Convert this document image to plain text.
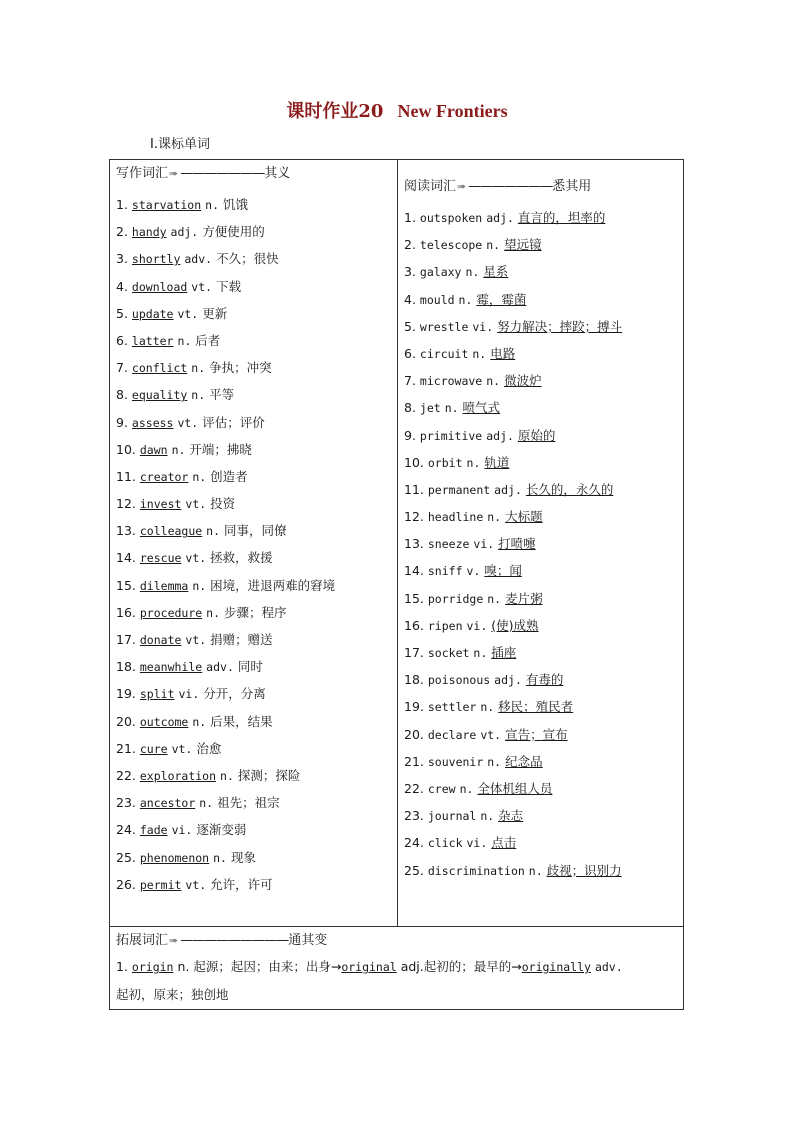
课时作业20 New Frontiers
Ⅰ.课标单词
写作词汇➠ ———————其义
1. starvation n. 饥饿
2. handy adj. 方便使用的
3. shortly adv. 不久；很快
4. download vt. 下载
5. update vt. 更新
6. latter n. 后者
7. conflict n. 争执；冲突
8. equality n. 平等
9. assess vt. 评估；评价
10. dawn n. 开端；拂晓
11. creator n. 创造者
12. invest vt. 投资
13. colleague n. 同事，同僚
14. rescue vt. 拯救，救援
15. dilemma n. 困境，进退两难的窘境
16. procedure n. 步骤；程序
17. donate vt. 捐赠；赠送
18. meanwhile adv. 同时
19. split vi. 分开，分离
20. outcome n. 后果，结果
21. cure vt. 治愈
22. exploration n. 探测；探险
23. ancestor n. 祖先；祖宗
24. fade vi. 逐渐变弱
25. phenomenon n. 现象
26. permit vt. 允许，许可
阅读词汇➠ ———————悉其用
1. outspoken adj. 直言的，坦率的
2. telescope n. 望远镜
3. galaxy n. 星系
4. mould n. 霉，霉菌
5. wrestle vi. 努力解决；摔跤；搏斗
6. circuit n. 电路
7. microwave n. 微波炉
8. jet n. 喷气式
9. primitive adj. 原始的
10. orbit n. 轨道
11. permanent adj. 长久的，永久的
12. headline n. 大标题
13. sneeze vi. 打喷嚏
14. sniff v. 嗅；闻
15. porridge n. 麦片粥
16. ripen vi. (使)成熟
17. socket n. 插座
18. poisonous adj. 有毒的
19. settler n. 移民；殖民者
20. declare vt. 宣告；宣布
21. souvenir n. 纪念品
22. crew n. 全体机组人员
23. journal n. 杂志
24. click vi. 点击
25. discrimination n. 歧视；识别力
拓展词汇➠ —————————通其变
1. origin n. 起源；起因；由来；出身→original adj.起初的；最早的→originally adv.
起初，原来；独创地
